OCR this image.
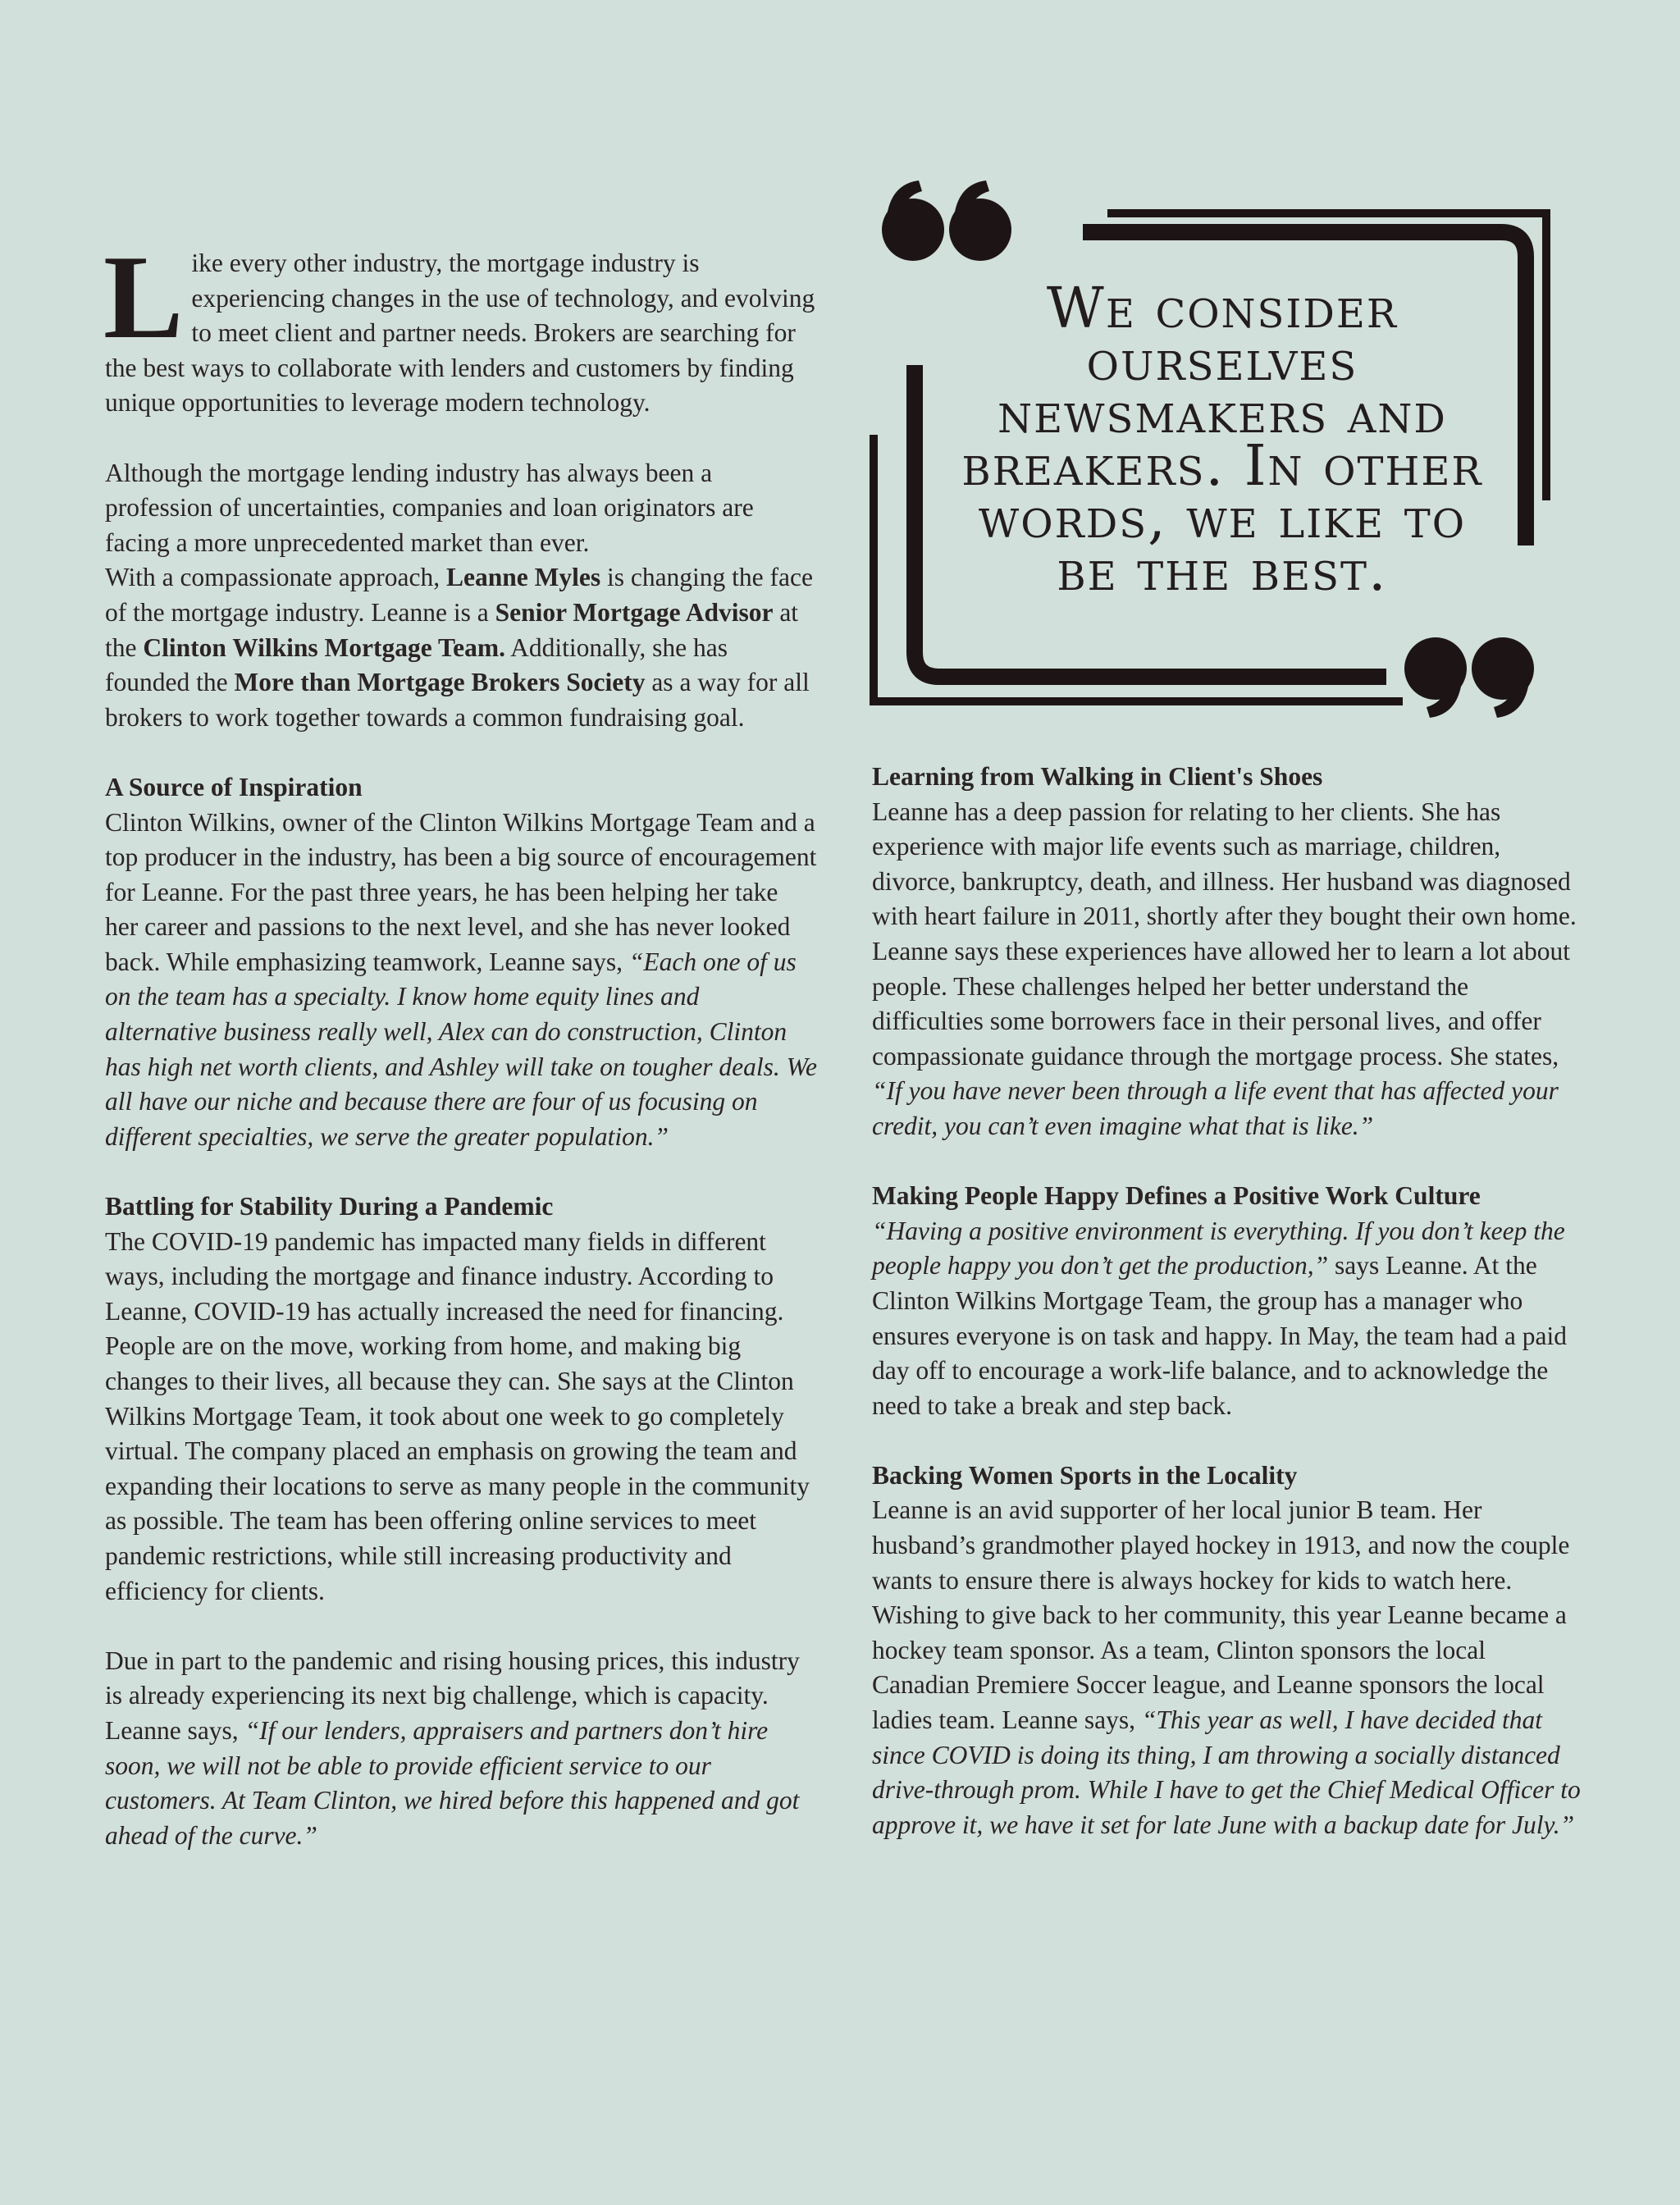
Like every other industry, the mortgage industry is experiencing changes in the use of technology, and evolving to meet client and partner needs. Brokers are searching for the best ways to collaborate with lenders and customers by finding unique opportunities to leverage modern technology.

Although the mortgage lending industry has always been a profession of uncertainties, companies and loan originators are facing a more unprecedented market than ever.
With a compassionate approach, Leanne Myles is changing the face of the mortgage industry. Leanne is a Senior Mortgage Advisor at the Clinton Wilkins Mortgage Team. Additionally, she has founded the More than Mortgage Brokers Society as a way for all brokers to work together towards a common fundraising goal.

A Source of Inspiration

Clinton Wilkins, owner of the Clinton Wilkins Mortgage Team and a top producer in the industry, has been a big source of encouragement for Leanne. For the past three years, he has been helping her take her career and passions to the next level, and she has never looked back. While emphasizing teamwork, Leanne says, “Each one of us on the team has a specialty. I know home equity lines and alternative business really well, Alex can do construction, Clinton has high net worth clients, and Ashley will take on tougher deals. We all have our niche and because there are four of us focusing on different specialties, we serve the greater population.”

Battling for Stability During a Pandemic

The COVID-19 pandemic has impacted many fields in different ways, including the mortgage and finance industry. According to Leanne, COVID-19 has actually increased the need for financing. People are on the move, working from home, and making big changes to their lives, all because they can. She says at the Clinton Wilkins Mortgage Team, it took about one week to go completely virtual. The company placed an emphasis on growing the team and expanding their locations to serve as many people in the community as possible. The team has been offering online services to meet pandemic restrictions, while still increasing productivity and efficiency for clients.

Due in part to the pandemic and rising housing prices, this industry is already experiencing its next big challenge, which is capacity. Leanne says, “If our lenders, appraisers and partners don’t hire soon, we will not be able to provide efficient service to our customers. At Team Clinton, we hired before this happened and got ahead of the curve.”

We consider ourselves newsmakers and breakers. In other words, we like to be the best.

Learning from Walking in Client's Shoes

Leanne has a deep passion for relating to her clients. She has experience with major life events such as marriage, children, divorce, bankruptcy, death, and illness. Her husband was diagnosed with heart failure in 2011, shortly after they bought their own home. Leanne says these experiences have allowed her to learn a lot about people. These challenges helped her better understand the difficulties some borrowers face in their personal lives, and offer compassionate guidance through the mortgage process. She states, “If you have never been through a life event that has affected your credit, you can’t even imagine what that is like.”

Making People Happy Defines a Positive Work Culture

“Having a positive environment is everything. If you don’t keep the people happy you don’t get the production,” says Leanne. At the Clinton Wilkins Mortgage Team, the group has a manager who ensures everyone is on task and happy. In May, the team had a paid day off to encourage a work-life balance, and to acknowledge the need to take a break and step back.

Backing Women Sports in the Locality

Leanne is an avid supporter of her local junior B team. Her husband’s grandmother played hockey in 1913, and now the couple wants to ensure there is always hockey for kids to watch here. Wishing to give back to her community, this year Leanne became a hockey team sponsor. As a team, Clinton sponsors the local Canadian Premiere Soccer league, and Leanne sponsors the local ladies team. Leanne says, “This year as well, I have decided that since COVID is doing its thing, I am throwing a socially distanced drive-through prom. While I have to get the Chief Medical Officer to approve it, we have it set for late June with a backup date for July.”
